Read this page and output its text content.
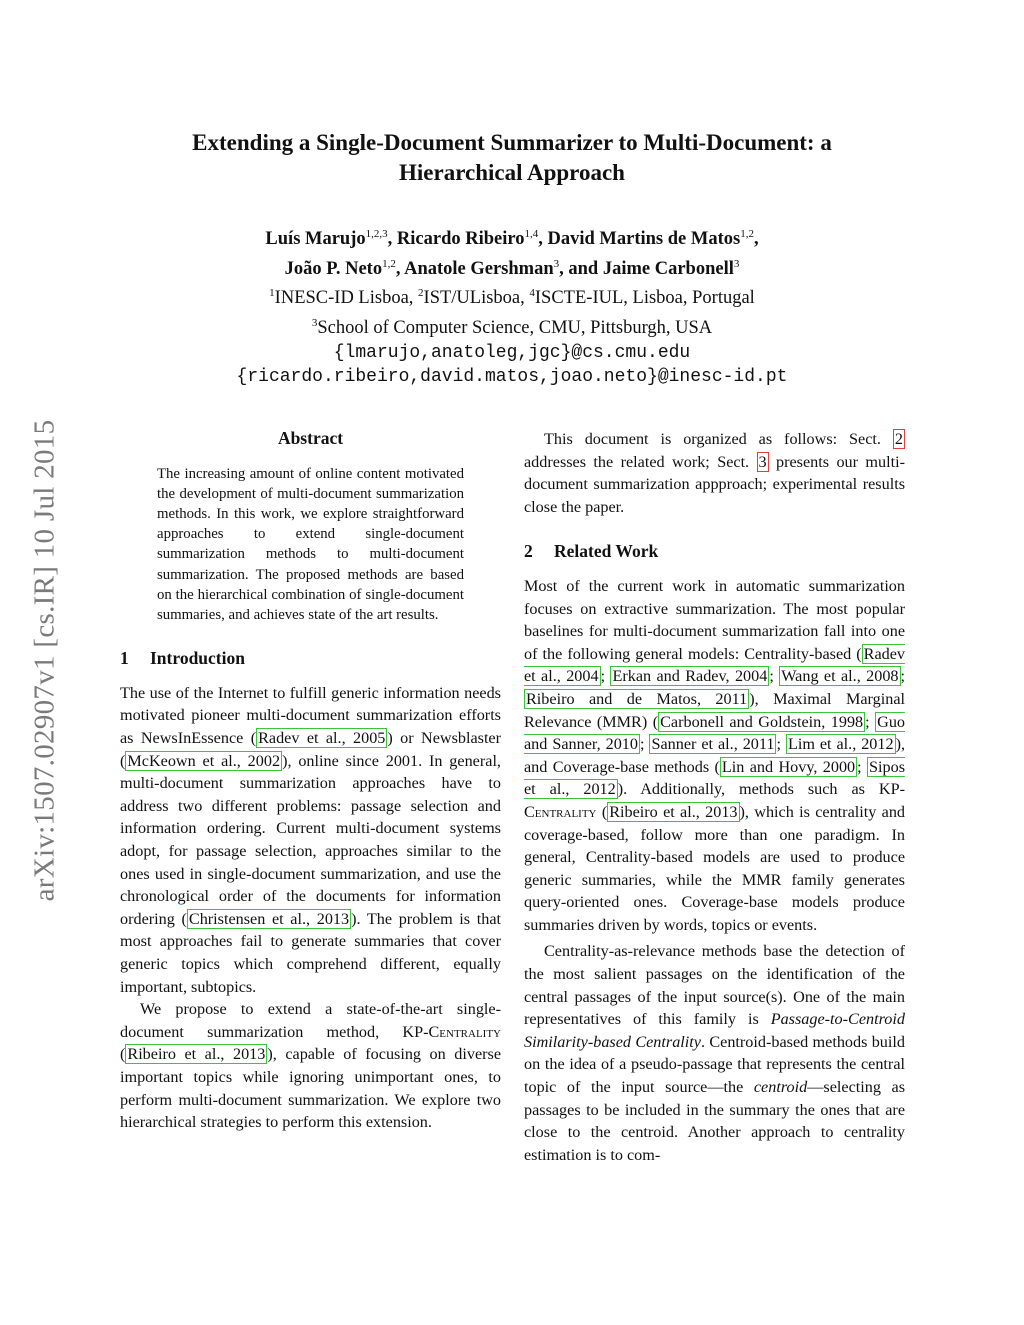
arXiv:1507.02907v1 [cs.IR] 10 Jul 2015
Extending a Single-Document Summarizer to Multi-Document: a
Hierarchical Approach
Luís Marujo$^{1,2,3}$, Ricardo Ribeiro$^{1,4}$, David Martins de Matos$^{1,2}$,
João P. Neto$^{1,2}$, Anatole Gershman$^3$, and Jaime Carbonell$^3$
$^1$INESC-ID Lisboa, $^2$IST/ULisboa, $^4$ISCTE-IUL, Lisboa, Portugal
$^3$School of Computer Science, CMU, Pittsburgh, USA
{lmarujo,anatoleg,jgc}@cs.cmu.edu
{ricardo.ribeiro,david.matos,joao.neto}@inesc-id.pt
Abstract

The increasing amount of online content motivated the development of multi-document summarization methods. In this work, we explore straightforward approaches to extend single-document summarization methods to multi-document summarization. The proposed methods are based on the hierarchical combination of single-document summaries, and achieves state of the art results.

1 Introduction

The use of the Internet to fulfill generic information needs motivated pioneer multi-document summarization efforts as NewsInEssence ( Radev et al., 2005 ) or Newsblaster ( McKeown et al., 2002 ), online since 2001. In general, multi-document summarization approaches have to address two different problems: passage selection and information ordering. Current multi-document systems adopt, for passage selection, approaches similar to the ones used in single-document summarization, and use the chronological order of the documents for information ordering ( Christensen et al., 2013 ). The problem is that most approaches fail to generate summaries that cover generic topics which comprehend different, equally important, subtopics.

We propose to extend a state-of-the-art single-document summarization method, KP-Centrality ( Ribeiro et al., 2013 ), capable of focusing on diverse important topics while ignoring unimportant ones, to perform multi-document summarization. We explore two hierarchical strategies to perform this extension.

This document is organized as follows: Sect. 2 addresses the related work; Sect. 3 presents our multi-document summarization appproach; experimental results close the paper.

2 Related Work

Most of the current work in automatic summarization focuses on extractive summarization. The most popular baselines for multi-document summarization fall into one of the following general models: Centrality-based ( Radev et al., 2004 ; Erkan and Radev, 2004 ; Wang et al., 2008 ; Ribeiro and de Matos, 2011 ), Maximal Marginal Relevance (MMR) ( Carbonell and Goldstein, 1998 ; Guo and Sanner, 2010 ; Sanner et al., 2011 ; Lim et al., 2012 ), and Coverage-base methods ( Lin and Hovy, 2000 ; Sipos et al., 2012 ). Additionally, methods such as KP-Centrality ( Ribeiro et al., 2013 ), which is centrality and coverage-based, follow more than one paradigm. In general, Centrality-based models are used to produce generic summaries, while the MMR family generates query-oriented ones. Coverage-base models produce summaries driven by words, topics or events.

Centrality-as-relevance methods base the detection of the most salient passages on the identification of the central passages of the input source(s). One of the main representatives of this family is Passage-to-Centroid Similarity-based Centrality. Centroid-based methods build on the idea of a pseudo-passage that represents the central topic of the input source—the centroid—selecting as passages to be included in the summary the ones that are close to the centroid. Another approach to centrality estimation is to com-
